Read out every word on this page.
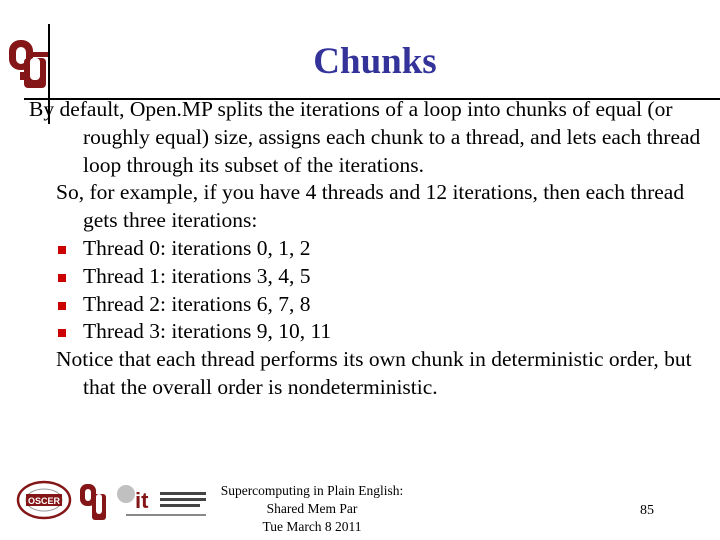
Chunks

By default, Open.MP splits the iterations of a loop into chunks of equal (or roughly equal) size, assigns each chunk to a thread, and lets each thread loop through its subset of the iterations.

So, for example, if you have 4 threads and 12 iterations, then each thread gets three iterations:

Thread 0: iterations 0, 1, 2

Thread 1: iterations 3, 4, 5

Thread 2: iterations 6, 7, 8

Thread 3: iterations 9, 10, 11

Notice that each thread performs its own chunk in deterministic order, but that the overall order is nondeterministic.

OSCER	it	Supercomputing in Plain English: Shared Mem Par
Tue March 8 2011
85
